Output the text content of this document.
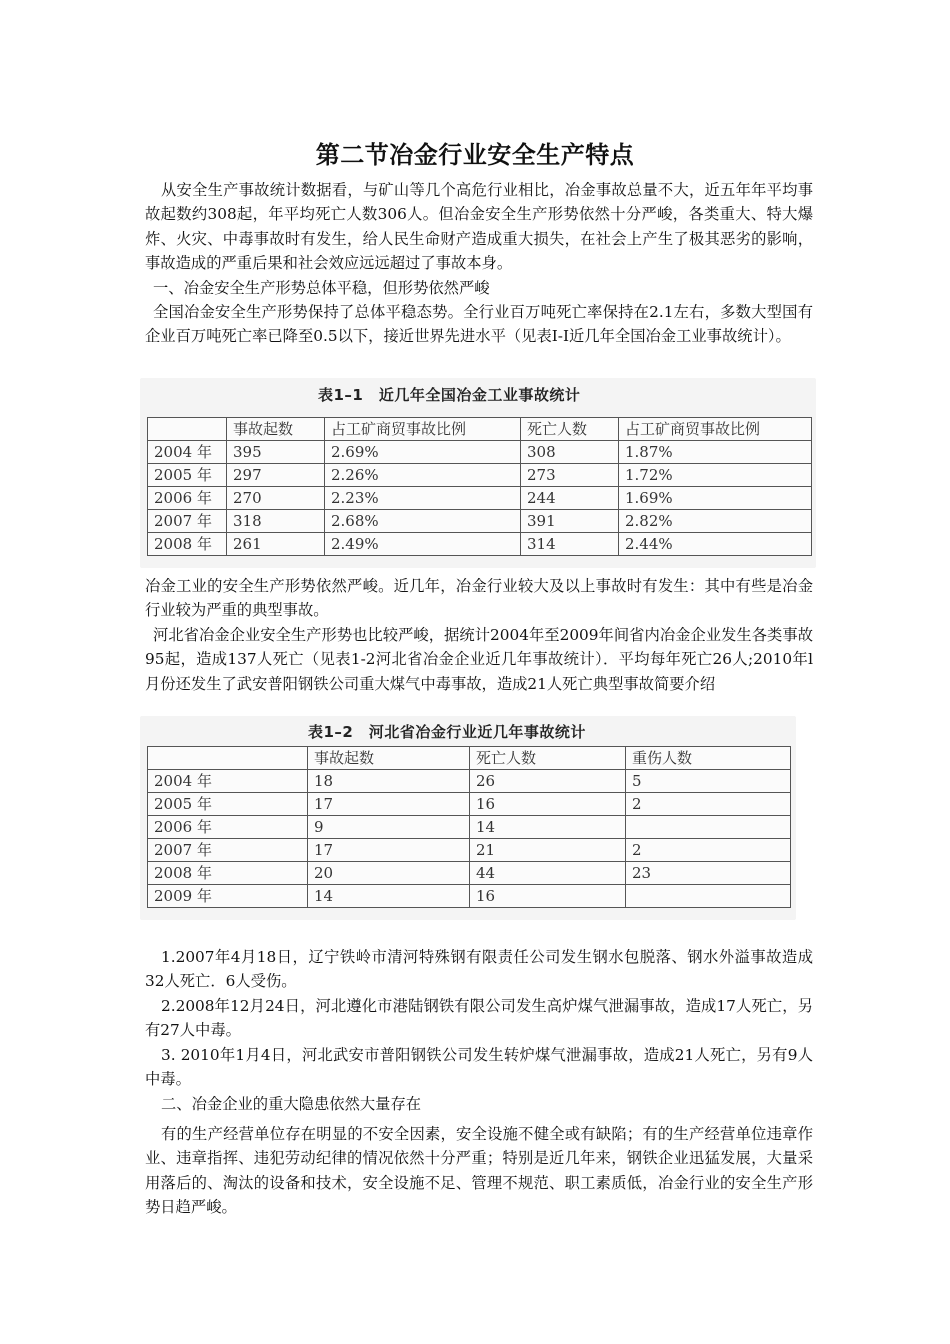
第二节冶金行业安全生产特点

从安全生产事故统计数据看，与矿山等几个高危行业相比，冶金事故总量不大，近五年年平均事故起数约308起，年平均死亡人数306人。但冶金安全生产形势依然十分严峻，各类重大、特大爆炸、火灾、中毒事故时有发生，给人民生命财产造成重大损失，在社会上产生了极其恶劣的影响，事故造成的严重后果和社会效应远远超过了事故本身。

一、冶金安全生产形势总体平稳，但形势依然严峻

全国冶金安全生产形势保持了总体平稳态势。全行业百万吨死亡率保持在2.1左右，多数大型国有企业百万吨死亡率已降至0.5以下，接近世界先进水平（见表I-I近几年全国冶金工业事故统计）。

表1–1　近几年全国冶金工业事故统计
	事故起数	占工矿商贸事故比例	死亡人数	占工矿商贸事故比例
2004 年	395	2.69%	308	1.87%
2005 年	297	2.26%	273	1.72%
2006 年	270	2.23%	244	1.69%
2007 年	318	2.68%	391	2.82%
2008 年	261	2.49%	314	2.44%

冶金工业的安全生产形势依然严峻。近几年，冶金行业较大及以上事故时有发生：其中有些是冶金行业较为严重的典型事故。

河北省冶金企业安全生产形势也比较严峻，据统计2004年至2009年间省内冶金企业发生各类事故95起，造成137人死亡（见表1-2河北省冶金企业近几年事故统计）．平均每年死亡26人;2010年l月份还发生了武安普阳钢铁公司重大煤气中毒事故，造成21人死亡典型事故简要介绍

表1–2　河北省冶金行业近几年事故统计
	事故起数	死亡人数	重伤人数
2004 年	18	26	5
2005 年	17	16	2
2006 年	9	14	
2007 年	17	21	2
2008 年	20	44	23
2009 年	14	16	

1.2007年4月18日，辽宁铁岭市清河特殊钢有限责任公司发生钢水包脱落、钢水外溢事故造成32人死亡．6人受伤。

2.2008年12月24日，河北遵化市港陆钢铁有限公司发生高炉煤气泄漏事故，造成17人死亡，另有27人中毒。

3. 2010年1月4日，河北武安市普阳钢铁公司发生转炉煤气泄漏事故，造成21人死亡，另有9人中毒。

二、冶金企业的重大隐患依然大量存在

有的生产经营单位存在明显的不安全因素，安全设施不健全或有缺陷；有的生产经营单位违章作业、违章指挥、违犯劳动纪律的情况依然十分严重；特别是近几年来，钢铁企业迅猛发展，大量采用落后的、淘汰的设备和技术，安全设施不足、管理不规范、职工素质低，冶金行业的安全生产形势日趋严峻。
